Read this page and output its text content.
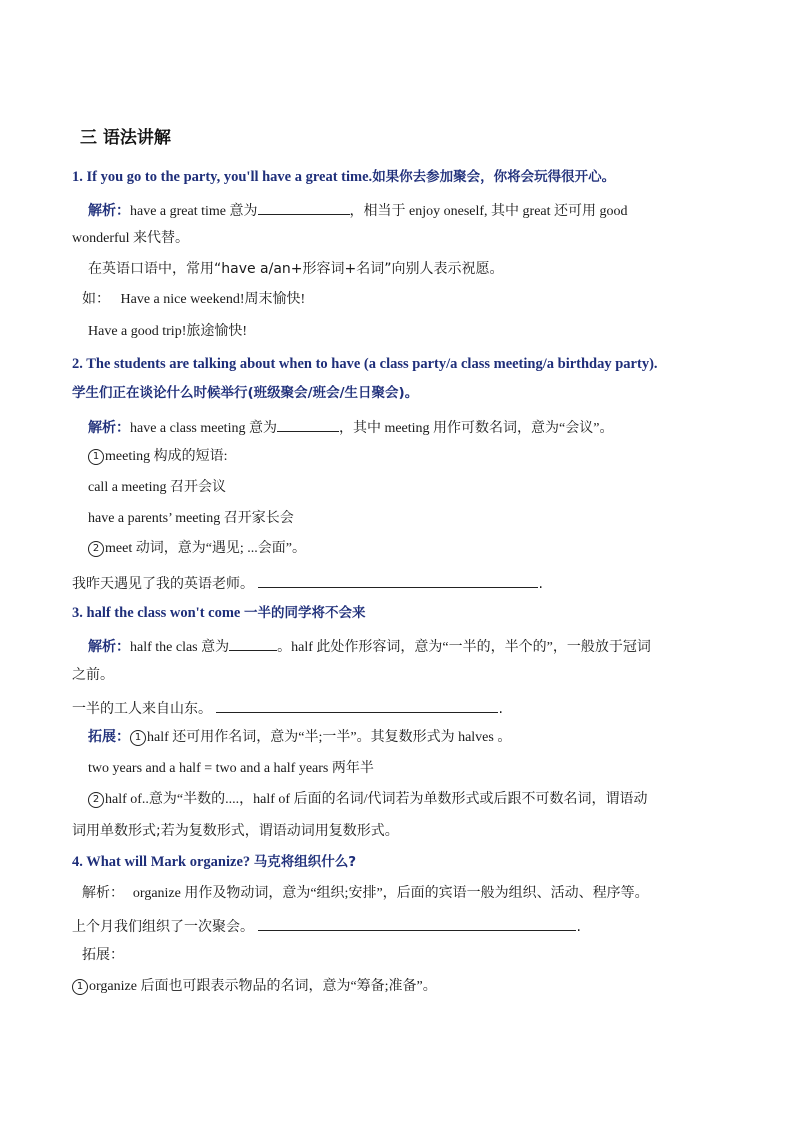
三 语法讲解
1. If you go to the party, you'll have a great time.如果你去参加聚会，你将会玩得很开心。
解析：have a great time 意为	，相当于 enjoy oneself, 其中 great 还可用 good
wonderful 来代替。
在英语口语中，常用“have a/an+形容词+名词”向别人表示祝愿。
如： Have a nice weekend!周末愉快!
Have a good trip!旅途愉快!
2. The students are talking about when to have (a class party/a class meeting/a birthday party).
学生们正在谈论什么时候举行(班级聚会/班会/生日聚会)。
解析：have a class meeting 意为	，其中 meeting 用作可数名词，意为“会议”。
1 meeting 构成的短语:
call a meeting 召开会议
have a parents’ meeting 召开家长会
2 meet 动词，意为“遇见; ...会面”。
我昨天遇见了我的英语老师。	.
3. half the class won't come 一半的同学将不会来
解析：half the clas 意为	。half 此处作形容词，意为“一半的，半个的”，一般放于冠词
之前。
一半的工人来自山东。	.
拓展： 1 half 还可用作名词，意为“半;一半”。其复数形式为 halves 。
two years and a half = two and a half years 两年半
2 half of..意为“半数的....，half of 后面的名词/代词若为单数形式或后跟不可数名词，谓语动
词用单数形式;若为复数形式，谓语动词用复数形式。
4. What will Mark organize? 马克将组织什么?
解析： organize 用作及物动词，意为“组织;安排”，后面的宾语一般为组织、活动、程序等。
上个月我们组织了一次聚会。	.
拓展：
1 organize 后面也可跟表示物品的名词，意为“筹备;准备”。
